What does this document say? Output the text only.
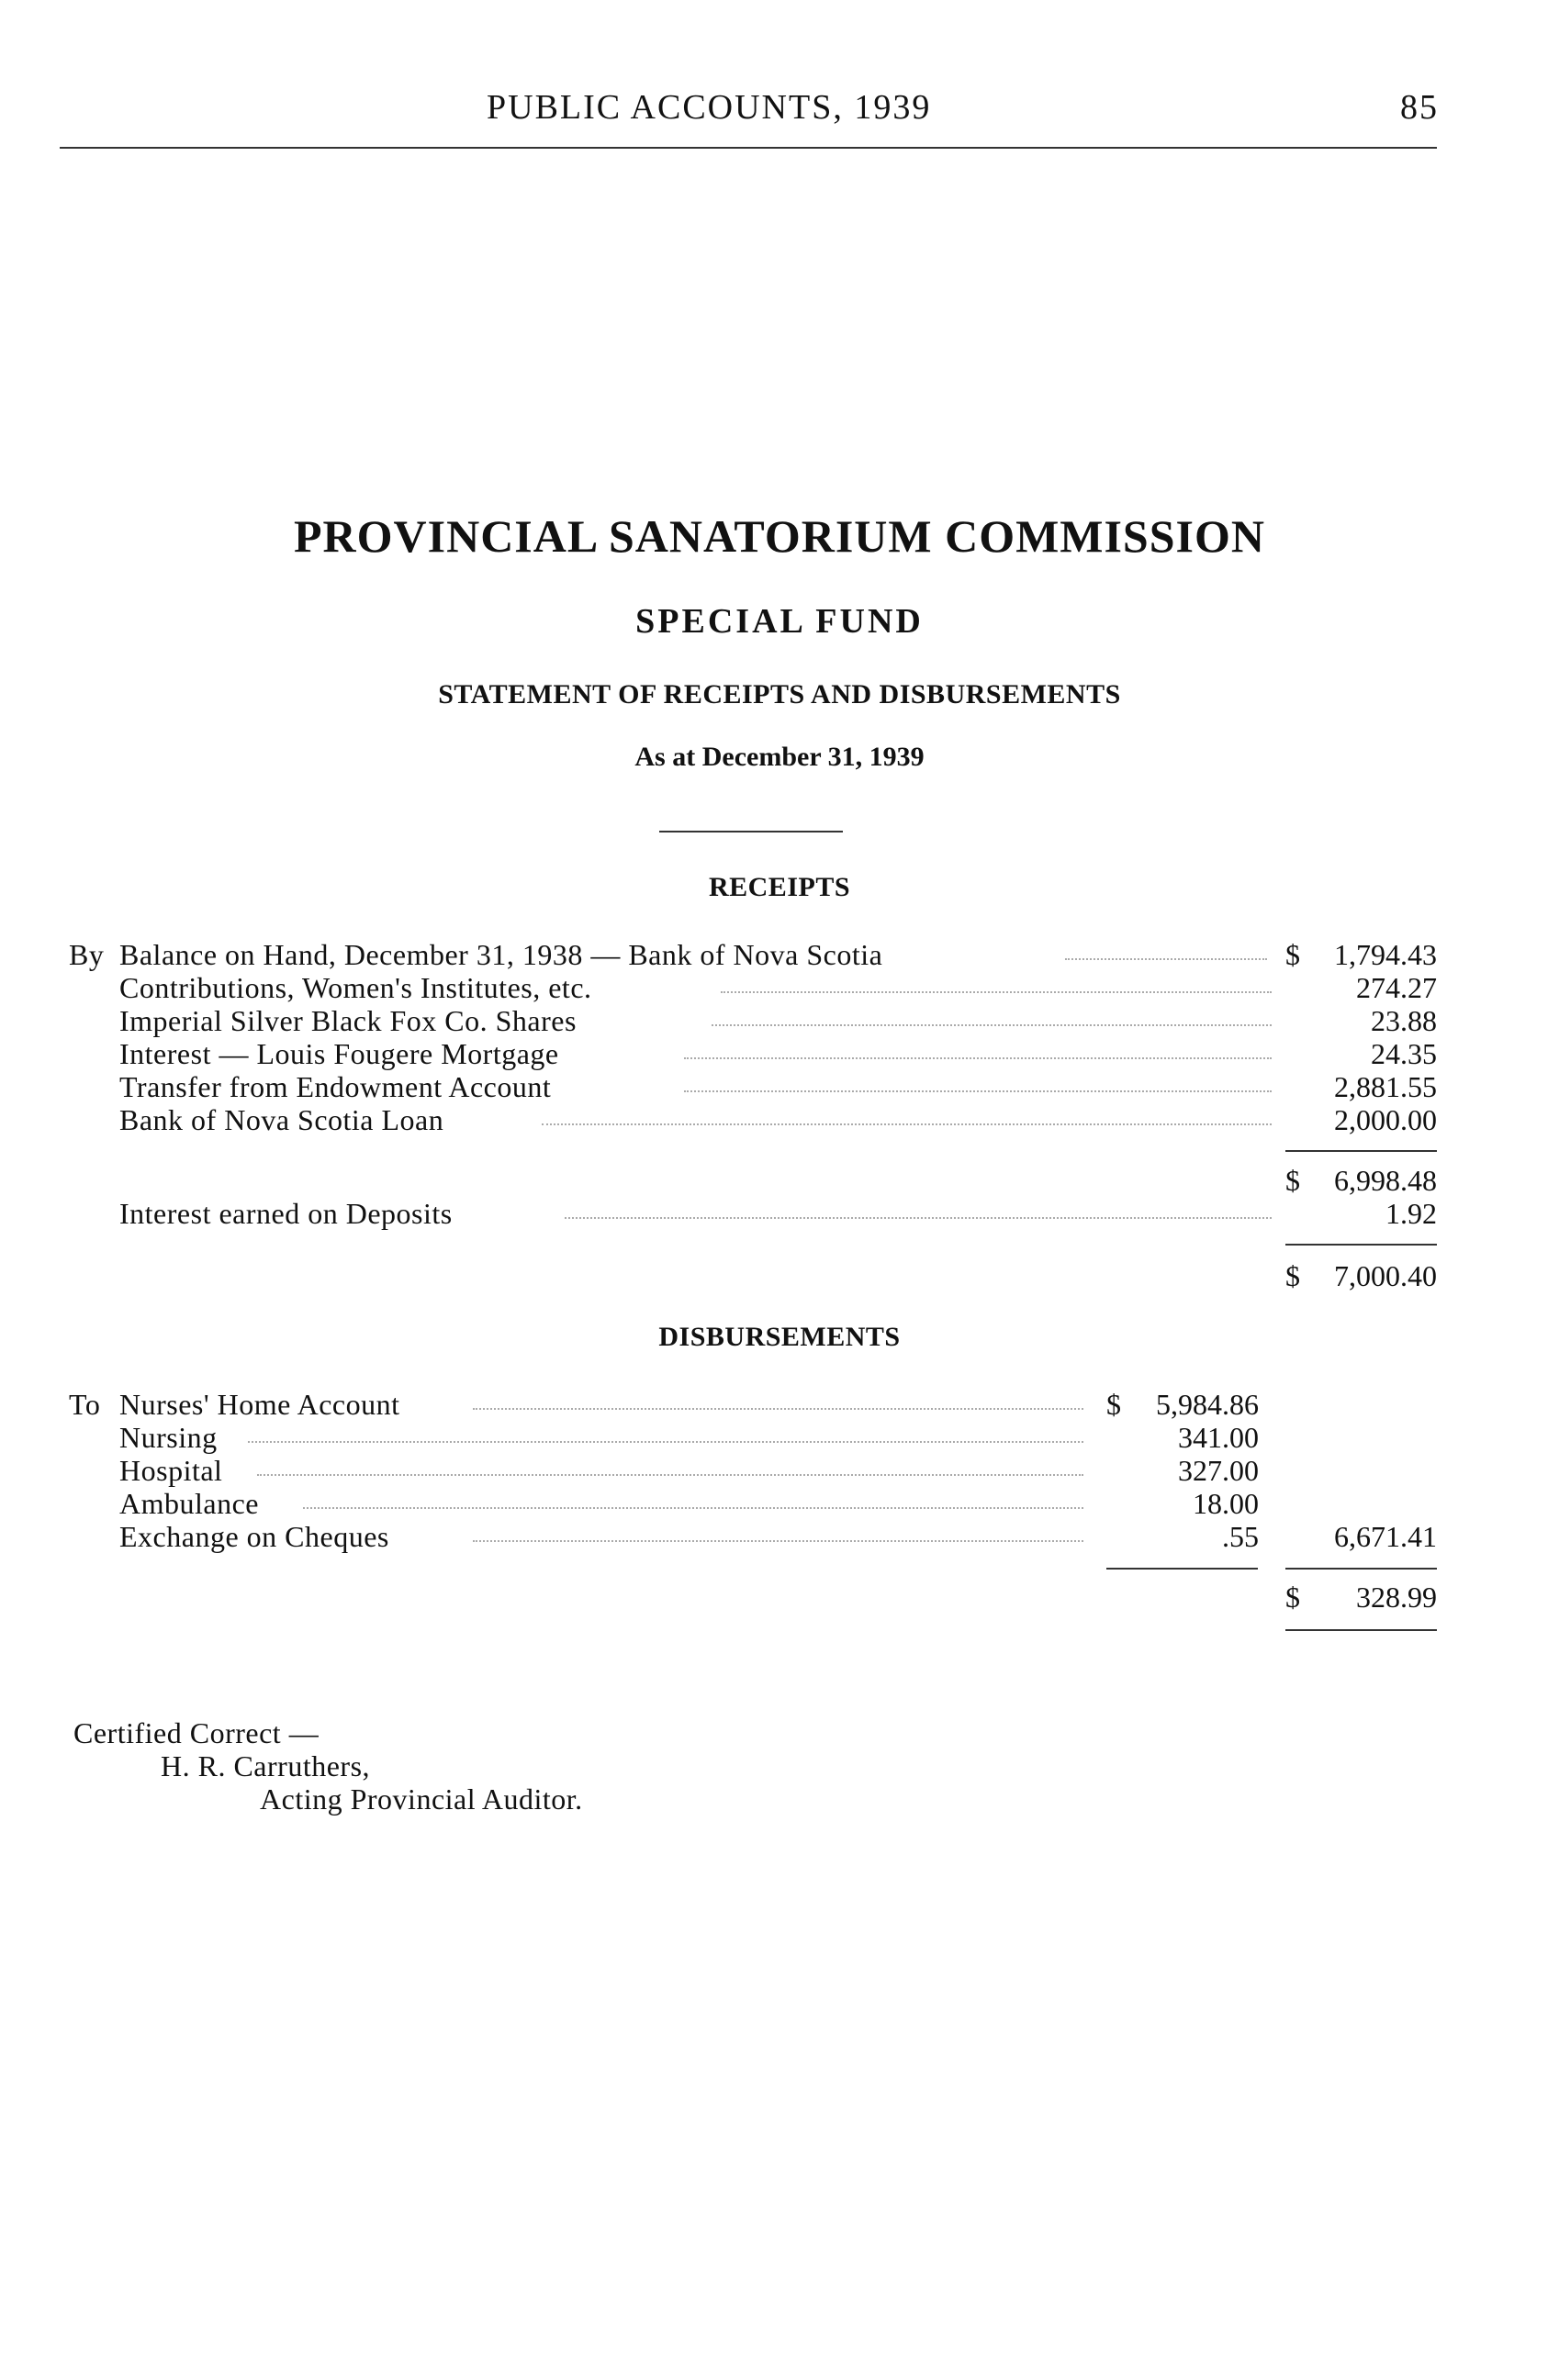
PUBLIC ACCOUNTS, 1939	85
PROVINCIAL SANATORIUM COMMISSION
SPECIAL FUND
STATEMENT OF RECEIPTS AND DISBURSEMENTS
As at December 31, 1939
RECEIPTS
By Balance on Hand, December 31, 1938 — Bank of Nova Scotia	$ 1,794.43
Contributions, Women's Institutes, etc.	274.27
Imperial Silver Black Fox Co. Shares	23.88
Interest — Louis Fougere Mortgage	24.35
Transfer from Endowment Account	2,881.55
Bank of Nova Scotia Loan	2,000.00
$ 6,998.48
Interest earned on Deposits	1.92
$ 7,000.40
DISBURSEMENTS
To Nurses' Home Account	$ 5,984.86
Nursing	341.00
Hospital	327.00
Ambulance	18.00
Exchange on Cheques	.55	6,671.41
$ 328.99
Certified Correct —
H. R. Carruthers,
Acting Provincial Auditor.
